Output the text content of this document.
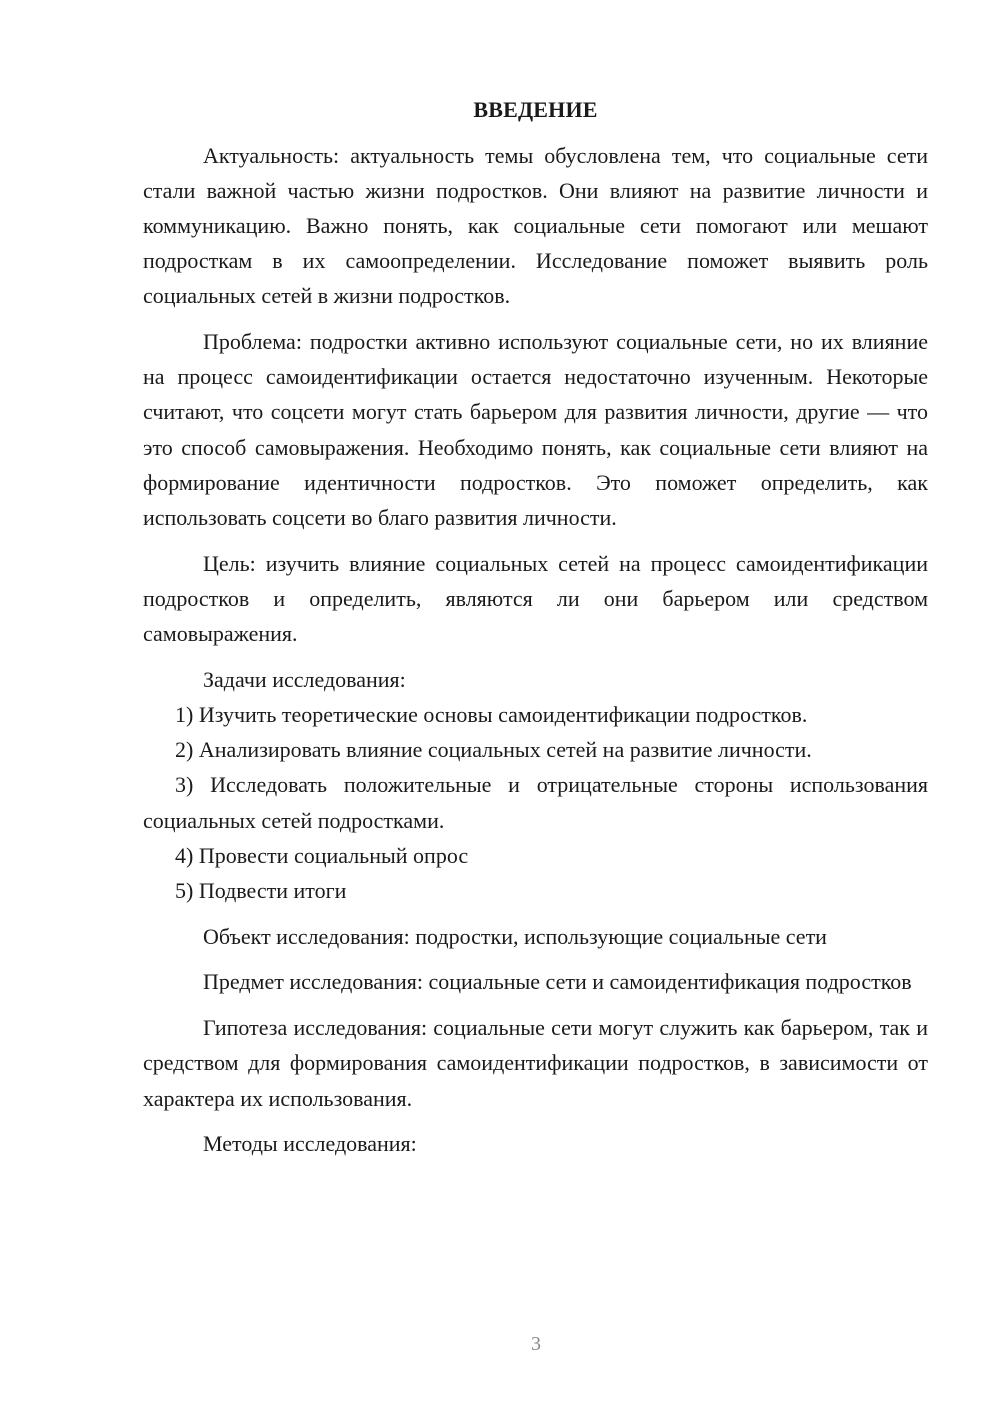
ВВЕДЕНИЕ

Актуальность: актуальность темы обусловлена тем, что социальные сети стали важной частью жизни подростков. Они влияют на развитие личности и коммуникацию. Важно понять, как социальные сети помогают или мешают подросткам в их самоопределении. Исследование поможет выявить роль социальных сетей в жизни подростков.

Проблема: подростки активно используют социальные сети, но их влияние на процесс самоидентификации остается недостаточно изученным. Некоторые считают, что соцсети могут стать барьером для развития личности, другие — что это способ самовыражения. Необходимо понять, как социальные сети влияют на формирование идентичности подростков. Это поможет определить, как использовать соцсети во благо развития личности.

Цель: изучить влияние социальных сетей на процесс самоидентификации подростков и определить, являются ли они барьером или средством самовыражения.

Задачи исследования:

1) Изучить теоретические основы самоидентификации подростков.

2) Анализировать влияние социальных сетей на развитие личности.

3) Исследовать положительные и отрицательные стороны использования социальных сетей подростками.

4) Провести социальный опрос

5) Подвести итоги

Объект исследования: подростки, использующие социальные сети

Предмет исследования: социальные сети и самоидентификация подростков

Гипотеза исследования: социальные сети могут служить как барьером, так и средством для формирования самоидентификации подростков, в зависимости от характера их использования.

Методы исследования:

3
